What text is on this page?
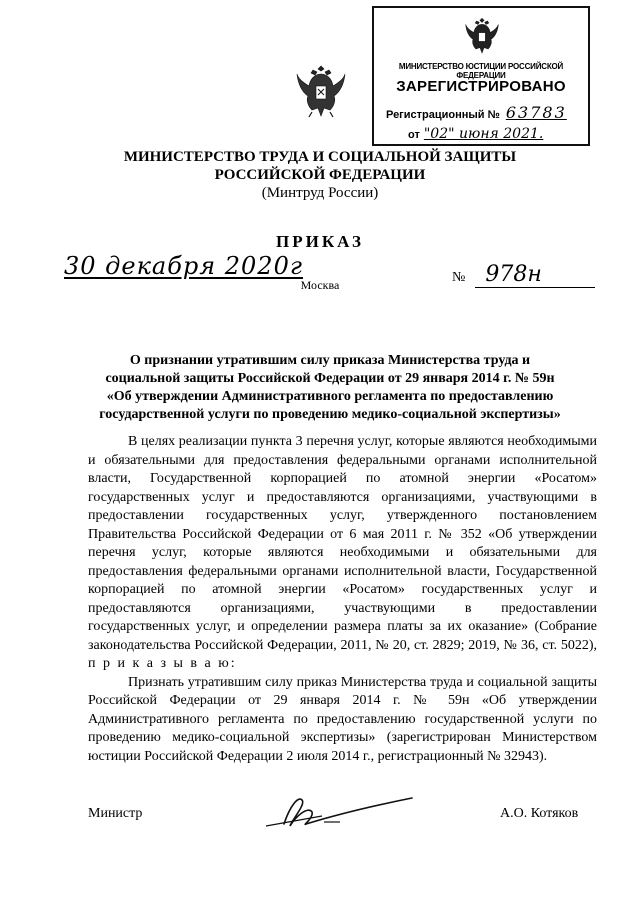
МИНИСТЕРСТВО ЮСТИЦИИ РОССИЙСКОЙ ФЕДЕРАЦИИ
ЗАРЕГИСТРИРОВАНО
Регистрационный № 63783
от "02" июня 2021.
МИНИСТЕРСТВО ТРУДА И СОЦИАЛЬНОЙ ЗАЩИТЫ
РОССИЙСКОЙ ФЕДЕРАЦИИ
(Минтруд России)
ПРИКАЗ
30 декабря 2020г	№ 978н
Москва
О признании утратившим силу приказа Министерства труда и
социальной защиты Российской Федерации от 29 января 2014 г. № 59н
«Об утверждении Административного регламента по предоставлению
государственной услуги по проведению медико-социальной экспертизы»

В целях реализации пункта 3 перечня услуг, которые являются необходимыми и обязательными для предоставления федеральными органами исполнительной власти, Государственной корпорацией по атомной энергии «Росатом» государственных услуг и предоставляются организациями, участвующими в предоставлении государственных услуг, утвержденного постановлением Правительства Российской Федерации от 6 мая 2011 г. № 352 «Об утверждении перечня услуг, которые являются необходимыми и обязательными для предоставления федеральными органами исполнительной власти, Государственной корпорацией по атомной энергии «Росатом» государственных услуг и предоставляются организациями, участвующими в предоставлении государственных услуг, и определении размера платы за их оказание» (Собрание законодательства Российской Федерации, 2011, № 20, ст. 2829; 2019, № 36, ст. 5022), п р и к а з ы в а ю:

Признать утратившим силу приказ Министерства труда и социальной защиты Российской Федерации от 29 января 2014 г. № 59н «Об утверждении Административного регламента по предоставлению государственной услуги по проведению медико-социальной экспертизы» (зарегистрирован Министерством юстиции Российской Федерации 2 июля 2014 г., регистрационный № 32943).

Министр	А.О. Котяков
